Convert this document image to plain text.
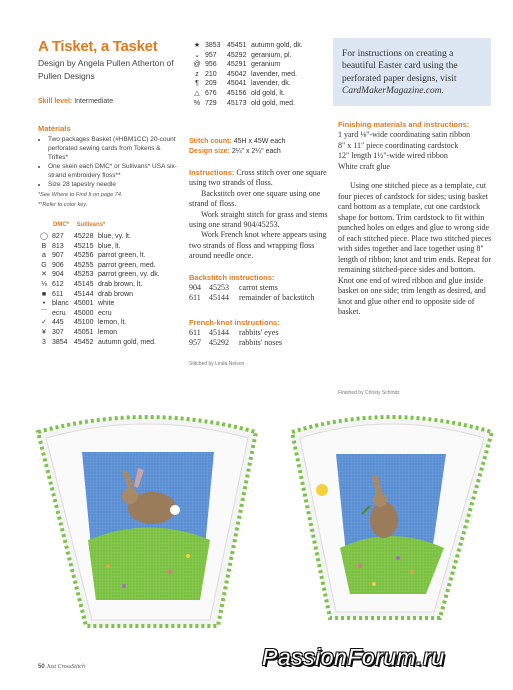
A Tisket, a Tasket
Design by Angela Pullen Atherton of Pullen Designs
Skill level: Intermediate
Materials
• Two packages Basket (#HBM1CC) 20-count perforated sewing cards from Tokens & Trifles*
• One skein each DMC* or Sullivans* USA six-strand embroidery floss**
• Size 28 tapestry needle
*See Where to Find It on page 74.
**Refer to color key.
DMC* Sullivans*
◯ 827	45228 blue, vy. lt.
B 813	45215 blue, lt.
a 907	45256 parrot green, lt.
G 906	45255 parrot green, med.
✕ 904	45253 parrot green, vy. dk.
⅓ 612	45145 drab brown, lt.
■ 611	45144 drab brown
• blanc 45001 white
⌒ ecru	45000 ecru
✓ 445	45100 lemon, lt.
¥ 307	45051 lemon
3 3854 45452 autumn gold, med.
★ 3853 45451 autumn gold, dk.
⌄ 957	45292 geranium, pl.
@ 956	45291 geranium
z 210	45042 lavender, med.
¶ 209	45041 lavender, dk.
△ 676	45156 old gold, lt.
% 729	45173 old gold, med.
Stitch count: 45H x 45W each
Design size: 2¼" x 2¼" each

Instructions: Cross stitch over one square using two strands of floss.

Backstitch over one square using one strand of floss.

Work straight stitch for grass and stems using one strand 904/45253.

Work French knot where appears using two strands of floss and wrapping floss around needle once.

Backstitch instructions:
904	45253	carrot stems
611	45144	remainder of backstitch
French-knot instructions:
611	45144	rabbits' eyes
957	45292	rabbits' noses
Stitched by Linda Nelson
For instructions on creating a beautiful Easter card using the perforated paper designs, visit CardMakerMagazine.com.
Finishing materials and instructions:

1 yard ⅛"-wide coordinating satin ribbon

8" x 11" piece coordinating cardstock

12" length 1½"-wide wired ribbon

White craft glue

Using one stitched piece as a template, cut four pieces of cardstock for sides; using basket card bottom as a template, cut one cardstock shape for bottom. Trim cardstock to fit within punched holes on edges and glue to wrong side of each stitched piece. Place two stitched pieces with sides together and lace together using 8" length of ribbon; knot and trim ends. Repeat for remaining stitched-piece sides and bottom. Knot one end of wired ribbon and glue inside basket on one side; trim length as desired, and knot and glue other end to opposite side of basket.

Finished by Christy Schmitz
50 Just CrossStitch	PassionForum.ru
